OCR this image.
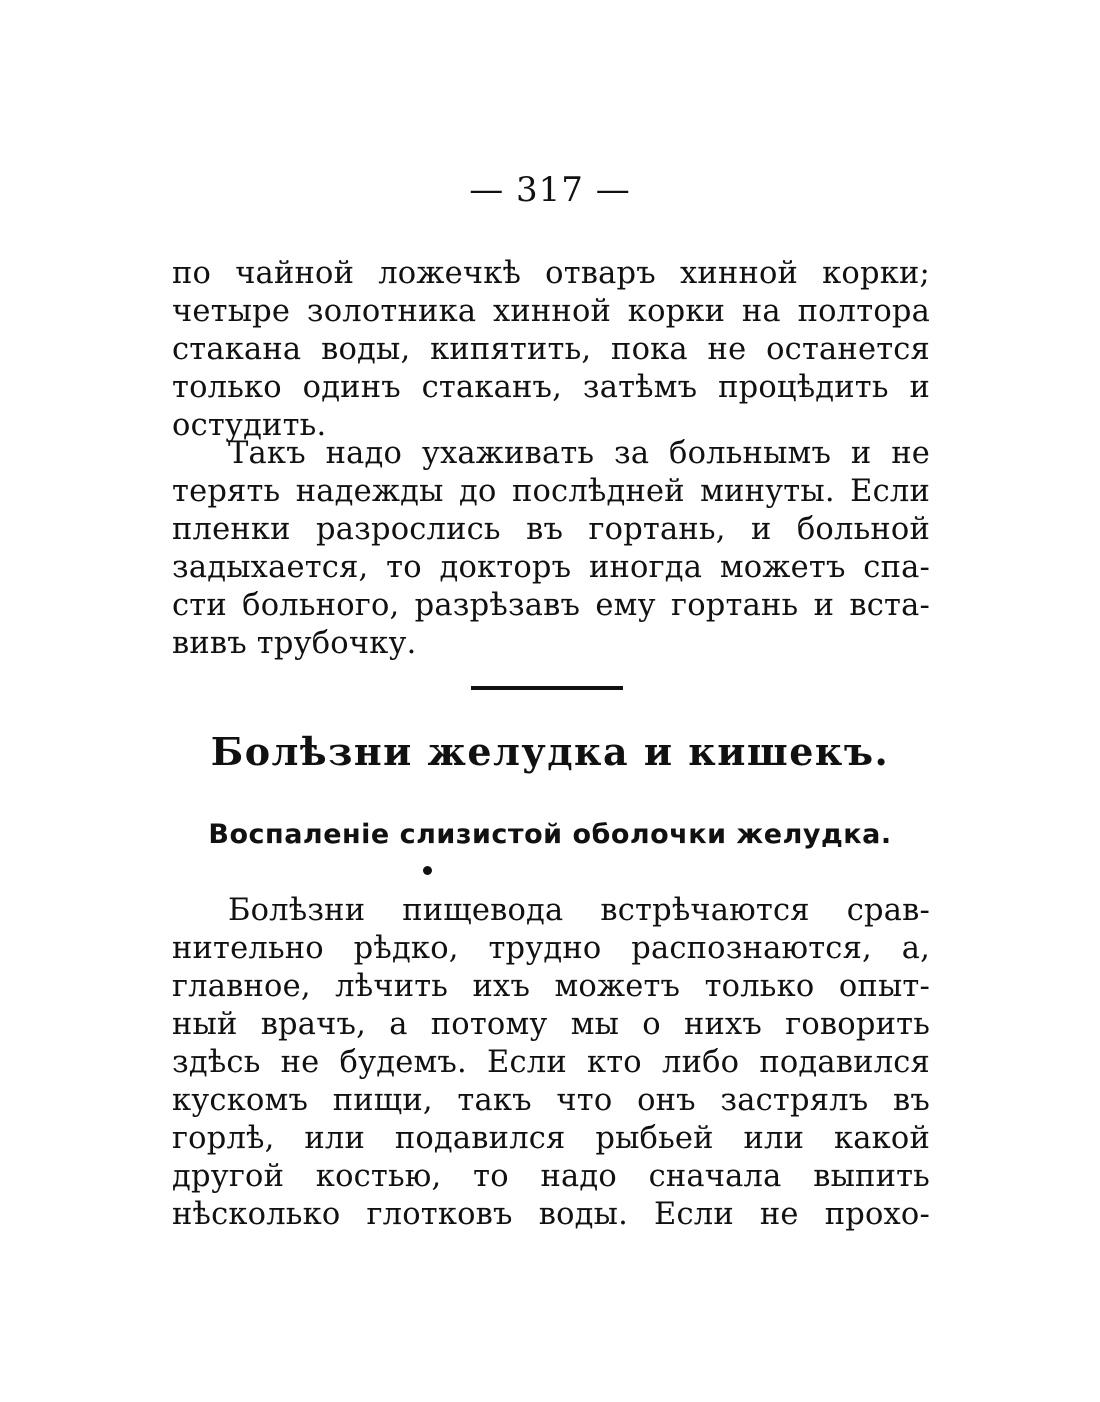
— 317 —
по чайной ложечкѣ отваръ хинной корки;
четыре золотника хинной корки на полтора
стакана воды, кипятить, пока не останется
только одинъ стаканъ, затѣмъ процѣдить и
остудить.
Такъ надо ухаживать за больнымъ и не
терять надежды до послѣдней минуты. Если
пленки разрослись въ гортань, и больной
задыхается, то докторъ иногда можетъ спа-
сти больного, разрѣзавъ ему гортань и вста-
вивъ трубочку.
Болѣзни желудка и кишекъ.
Воспаленіе слизистой оболочки желудка.
Болѣзни пищевода встрѣчаются срав-
нительно рѣдко, трудно распознаются, а,
главное, лѣчить ихъ можетъ только опыт-
ный врачъ, а потому мы о нихъ говорить
здѣсь не будемъ. Если кто либо подавился
кускомъ пищи, такъ что онъ застрялъ въ
горлѣ, или подавился рыбьей или какой
другой костью, то надо сначала выпить
нѣсколько глотковъ воды. Если не прохо-
